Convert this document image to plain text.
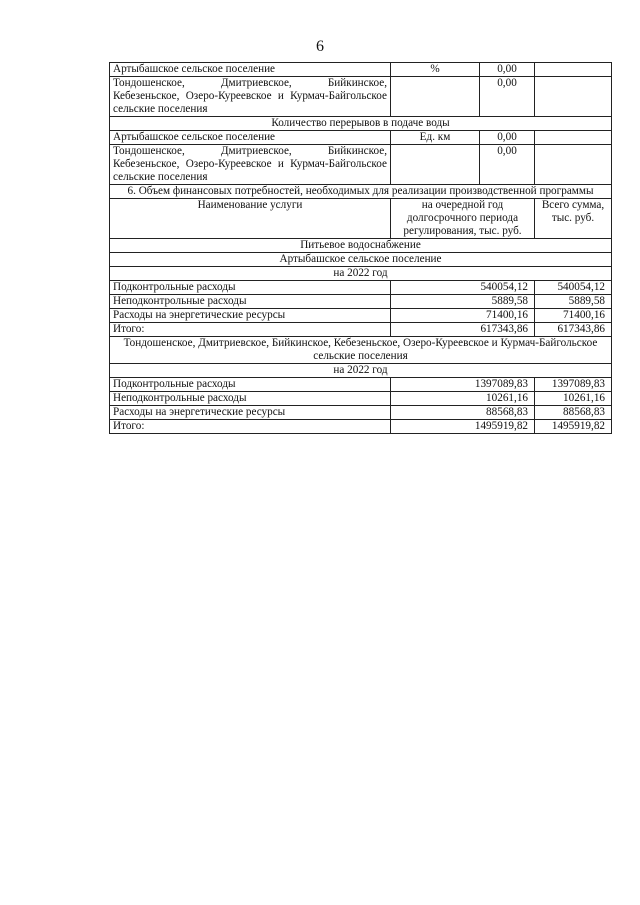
6
Артыбашское сельское поселение	%	0,00	
Тондошенское, Дмитриевское, Бийкинское, Кебезеньское, Озеро-Куреевское и Курмач-Байгольское сельские поселения		0,00	
Количество перерывов в подаче воды			
Артыбашское сельское поселение	Ед. км	0,00	
Тондошенское, Дмитриевское, Бийкинское, Кебезеньское, Озеро-Куреевское и Курмач-Байгольское сельские поселения		0,00	
6. Объем финансовых потребностей, необходимых для реализации производственной программы			
Наименование услуги	на очередной год долгосрочного периода регулирования, тыс. руб.		Всего сумма, тыс. руб.
Питьевое водоснабжение			
Артыбашское сельское поселение			
на 2022 год			
Подконтрольные расходы	540054,12		540054,12
Неподконтрольные расходы	5889,58		5889,58
Расходы на энергетические ресурсы	71400,16		71400,16
Итого:	617343,86		617343,86
Тондошенское, Дмитриевское, Бийкинское, Кебезеньское, Озеро-Куреевское и Курмач-Байгольское сельские поселения			
на 2022 год			
Подконтрольные расходы	1397089,83		1397089,83
Неподконтрольные расходы	10261,16		10261,16
Расходы на энергетические ресурсы	88568,83		88568,83
Итого:	1495919,82		1495919,82
